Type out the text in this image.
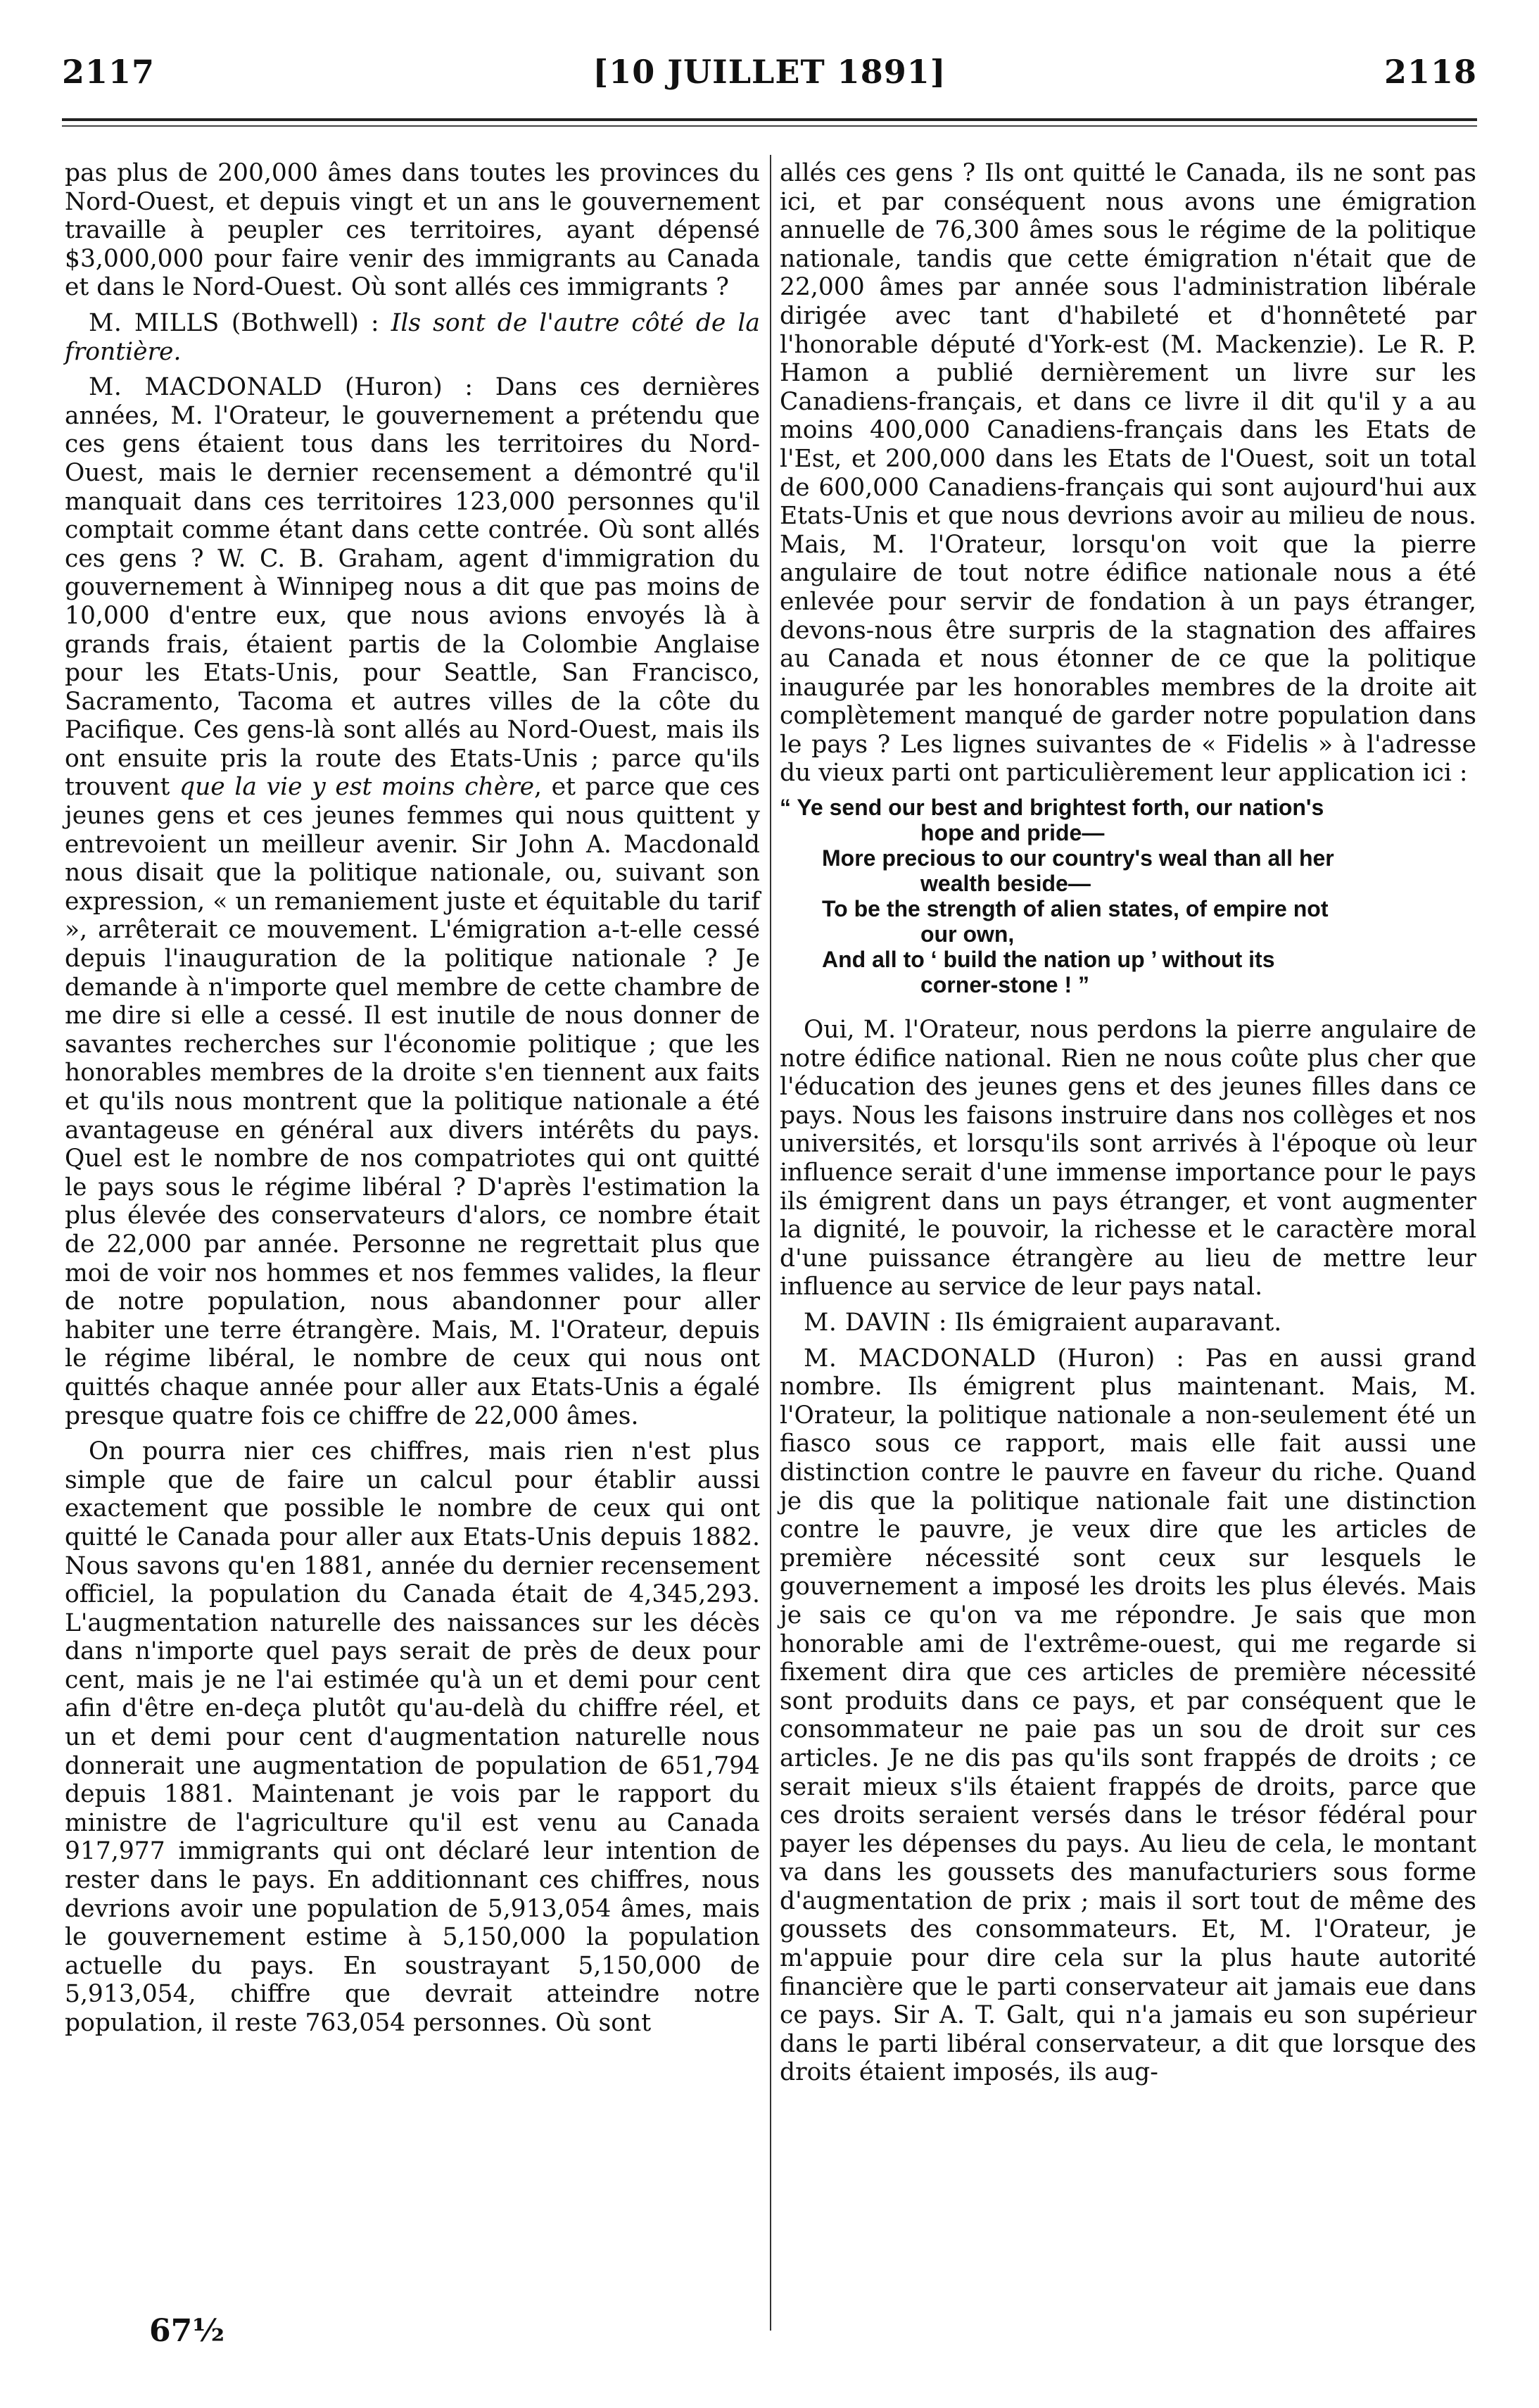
2117	[10 JUILLET 1891]	2118

pas plus de 200,000 âmes dans toutes les provinces du Nord-Ouest, et depuis vingt et un ans le gouvernement travaille à peupler ces territoires, ayant dépensé $3,000,000 pour faire venir des immigrants au Canada et dans le Nord-Ouest. Où sont allés ces immigrants ?

M. MILLS (Bothwell) : Ils sont de l'autre côté de la frontière.

M. MACDONALD (Huron) : Dans ces dernières années, M. l'Orateur, le gouvernement a prétendu que ces gens étaient tous dans les territoires du Nord-Ouest, mais le dernier recensement a démontré qu'il manquait dans ces territoires 123,000 personnes qu'il comptait comme étant dans cette contrée. Où sont allés ces gens ? W. C. B. Graham, agent d'immigration du gouvernement à Winnipeg nous a dit que pas moins de 10,000 d'entre eux, que nous avions envoyés là à grands frais, étaient partis de la Colombie Anglaise pour les Etats-Unis, pour Seattle, San Francisco, Sacramento, Tacoma et autres villes de la côte du Pacifique. Ces gens-là sont allés au Nord-Ouest, mais ils ont ensuite pris la route des Etats-Unis ; parce qu'ils trouvent que la vie y est moins chère, et parce que ces jeunes gens et ces jeunes femmes qui nous quittent y entrevoient un meilleur avenir. Sir John A. Macdonald nous disait que la politique nationale, ou, suivant son expression, « un remaniement juste et équitable du tarif », arrêterait ce mouvement. L'émigration a-t-elle cessé depuis l'inauguration de la politique nationale ? Je demande à n'importe quel membre de cette chambre de me dire si elle a cessé. Il est inutile de nous donner de savantes recherches sur l'économie politique ; que les honorables membres de la droite s'en tiennent aux faits et qu'ils nous montrent que la politique nationale a été avantageuse en général aux divers intérêts du pays. Quel est le nombre de nos compatriotes qui ont quitté le pays sous le régime libéral ? D'après l'estimation la plus élevée des conservateurs d'alors, ce nombre était de 22,000 par année. Personne ne regrettait plus que moi de voir nos hommes et nos femmes valides, la fleur de notre population, nous abandonner pour aller habiter une terre étrangère. Mais, M. l'Orateur, depuis le régime libéral, le nombre de ceux qui nous ont quittés chaque année pour aller aux Etats-Unis a égalé presque quatre fois ce chiffre de 22,000 âmes.

On pourra nier ces chiffres, mais rien n'est plus simple que de faire un calcul pour établir aussi exactement que possible le nombre de ceux qui ont quitté le Canada pour aller aux Etats-Unis depuis 1882. Nous savons qu'en 1881, année du dernier recensement officiel, la population du Canada était de 4,345,293. L'augmentation naturelle des naissances sur les décès dans n'importe quel pays serait de près de deux pour cent, mais je ne l'ai estimée qu'à un et demi pour cent afin d'être en-deça plutôt qu'au-delà du chiffre réel, et un et demi pour cent d'augmentation naturelle nous donnerait une augmentation de population de 651,794 depuis 1881. Maintenant je vois par le rapport du ministre de l'agriculture qu'il est venu au Canada 917,977 immigrants qui ont déclaré leur intention de rester dans le pays. En additionnant ces chiffres, nous devrions avoir une population de 5,913,054 âmes, mais le gouvernement estime à 5,150,000 la population actuelle du pays. En soustrayant 5,150,000 de 5,913,054, chiffre que devrait atteindre notre population, il reste 763,054 personnes. Où sont

allés ces gens ? Ils ont quitté le Canada, ils ne sont pas ici, et par conséquent nous avons une émigration annuelle de 76,300 âmes sous le régime de la politique nationale, tandis que cette émigration n'était que de 22,000 âmes par année sous l'administration libérale dirigée avec tant d'habileté et d'honnêteté par l'honorable député d'York-est (M. Mackenzie). Le R. P. Hamon a publié dernièrement un livre sur les Canadiens-français, et dans ce livre il dit qu'il y a au moins 400,000 Canadiens-français dans les Etats de l'Est, et 200,000 dans les Etats de l'Ouest, soit un total de 600,000 Canadiens-français qui sont aujourd'hui aux Etats-Unis et que nous devrions avoir au milieu de nous. Mais, M. l'Orateur, lorsqu'on voit que la pierre angulaire de tout notre édifice nationale nous a été enlevée pour servir de fondation à un pays étranger, devons-nous être surpris de la stagnation des affaires au Canada et nous étonner de ce que la politique inaugurée par les honorables membres de la droite ait complètement manqué de garder notre population dans le pays ? Les lignes suivantes de « Fidelis » à l'adresse du vieux parti ont particulièrement leur application ici :

“ Ye send our best and brightest forth, our nation's
hope and pride—
More precious to our country's weal than all her
wealth beside—
To be the strength of alien states, of empire not
our own,
And all to ‘ build the nation up ’ without its
corner-stone ! ”

Oui, M. l'Orateur, nous perdons la pierre angulaire de notre édifice national. Rien ne nous coûte plus cher que l'éducation des jeunes gens et des jeunes filles dans ce pays. Nous les faisons instruire dans nos collèges et nos universités, et lorsqu'ils sont arrivés à l'époque où leur influence serait d'une immense importance pour le pays ils émigrent dans un pays étranger, et vont augmenter la dignité, le pouvoir, la richesse et le caractère moral d'une puissance étrangère au lieu de mettre leur influence au service de leur pays natal.

M. DAVIN : Ils émigraient auparavant.

M. MACDONALD (Huron) : Pas en aussi grand nombre. Ils émigrent plus maintenant. Mais, M. l'Orateur, la politique nationale a non-seulement été un fiasco sous ce rapport, mais elle fait aussi une distinction contre le pauvre en faveur du riche. Quand je dis que la politique nationale fait une distinction contre le pauvre, je veux dire que les articles de première nécessité sont ceux sur lesquels le gouvernement a imposé les droits les plus élevés. Mais je sais ce qu'on va me répondre. Je sais que mon honorable ami de l'extrême-ouest, qui me regarde si fixement dira que ces articles de première nécessité sont produits dans ce pays, et par conséquent que le consommateur ne paie pas un sou de droit sur ces articles. Je ne dis pas qu'ils sont frappés de droits ; ce serait mieux s'ils étaient frappés de droits, parce que ces droits seraient versés dans le trésor fédéral pour payer les dépenses du pays. Au lieu de cela, le montant va dans les goussets des manufacturiers sous forme d'augmentation de prix ; mais il sort tout de même des goussets des consommateurs. Et, M. l'Orateur, je m'appuie pour dire cela sur la plus haute autorité financière que le parti conservateur ait jamais eue dans ce pays. Sir A. T. Galt, qui n'a jamais eu son supérieur dans le parti libéral conservateur, a dit que lorsque des droits étaient imposés, ils aug-

67½
